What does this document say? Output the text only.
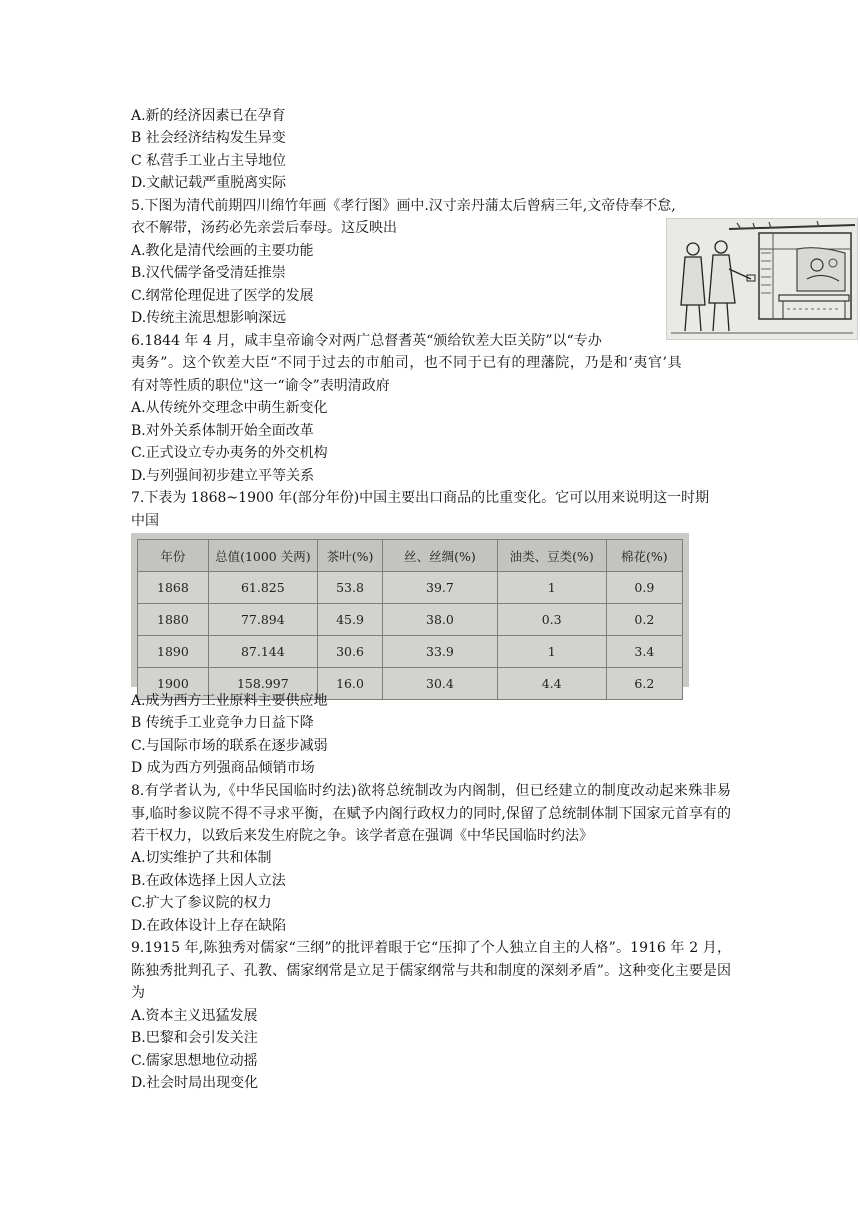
A.新的经济因素已在孕育
B 社会经济结构发生异变
C 私营手工业占主导地位
D.文献记载严重脱离实际
5.下图为清代前期四川绵竹年画《孝行图》画中.汉寸亲丹蒲太后曾病三年,文帝侍奉不怠,
衣不解带，汤药必先亲尝后奉母。这反映出
A.教化是清代绘画的主要功能
B.汉代儒学备受清廷推崇
C.纲常伦理促进了医学的发展
D.传统主流思想影响深远
6.1844 年 4 月，咸丰皇帝谕令对两广总督耆英“颁给钦差大臣关防”以“专办
夷务”。这个钦差大臣“不同于过去的市舶司，也不同于已有的理藩院，乃是和‘夷官’具
有对等性质的职位"这一“谕令”表明清政府
A.从传统外交理念中萌生新变化
B.对外关系体制开始全面改革
C.正式设立专办夷务的外交机构
D.与列强间初步建立平等关系
7.下表为 1868~1900 年(部分年份)中国主要出口商品的比重变化。它可以用来说明这一时期
中国
年份	总值(1000 关两)	茶叶(%)	丝、丝绸(%)	油类、豆类(%)	棉花(%)
1868	61.825	53.8	39.7	1	0.9
1880	77.894	45.9	38.0	0.3	0.2
1890	87.144	30.6	33.9	1	3.4
1900	158.997	16.0	30.4	4.4	6.2
A.成为西方工业原料主要供应地
B 传统手工业竞争力日益下降
C.与国际市场的联系在逐步减弱
D 成为西方列强商品倾销市场
8.有学者认为,《中华民国临时约法)欲将总统制改为内阁制，但已经建立的制度改动起来殊非易事,临时参议院不得不寻求平衡，在赋予内阁行政权力的同时,保留了总统制体制下国家元首享有的若干权力，以致后来发生府院之争。该学者意在强调《中华民国临时约法》
A.切实维护了共和体制
B.在政体选择上因人立法
C.扩大了参议院的权力
D.在政体设计上存在缺陷
9.1915 年,陈独秀对儒家“三纲”的批评着眼于它“压抑了个人独立自主的人格”。1916 年 2 月，陈独秀批判孔子、孔教、儒家纲常是立足于儒家纲常与共和制度的深刻矛盾”。这种变化主要是因为
A.资本主义迅猛发展
B.巴黎和会引发关注
C.儒家思想地位动摇
D.社会时局出现变化
